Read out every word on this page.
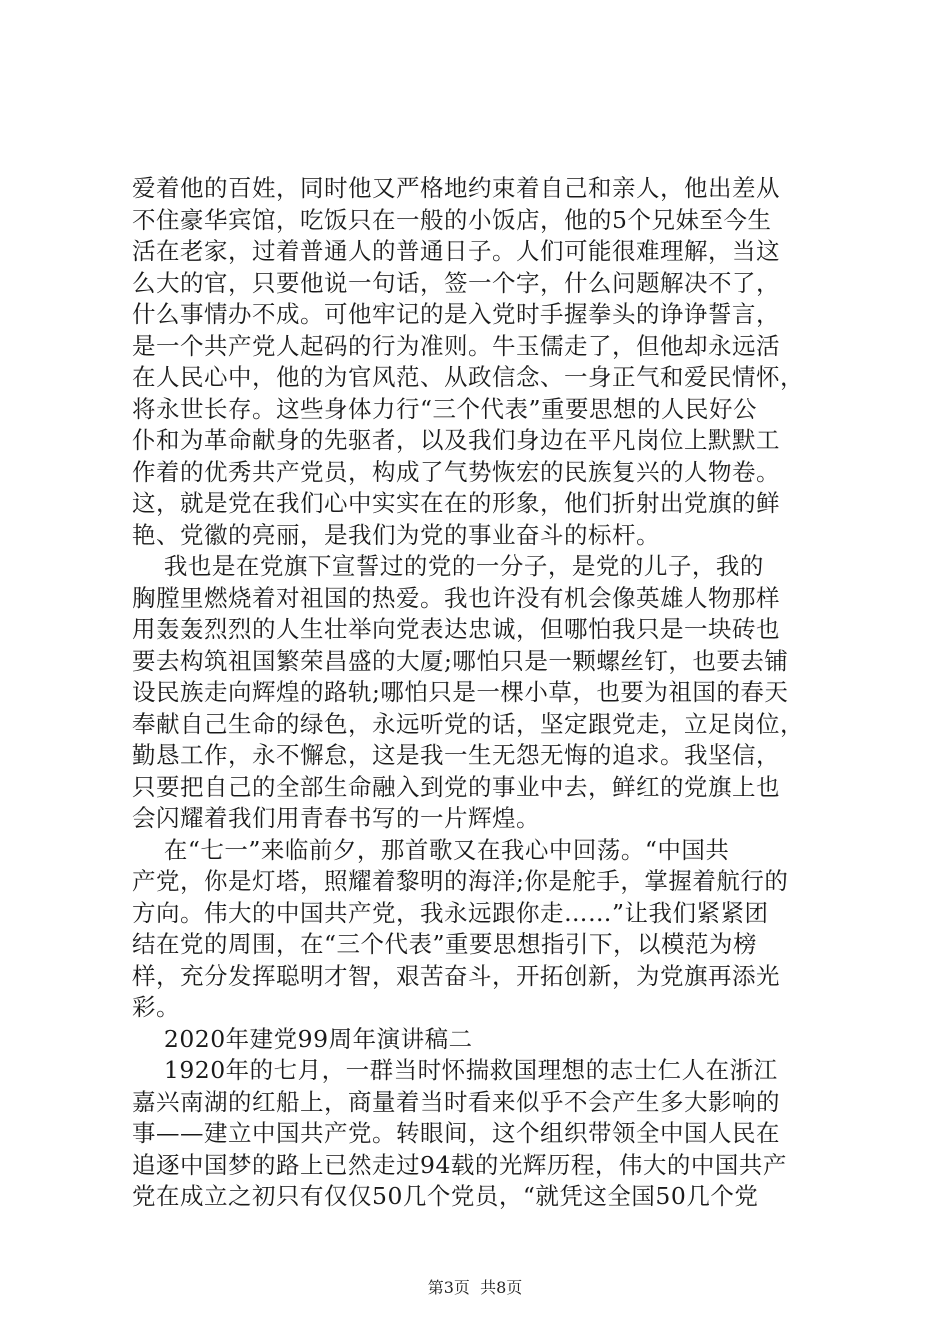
爱着他的百姓，同时他又严格地约束着自己和亲人，他出差从
不住豪华宾馆，吃饭只在一般的小饭店，他的5个兄妹至今生
活在老家，过着普通人的普通日子。人们可能很难理解，当这
么大的官，只要他说一句话，签一个字，什么问题解决不了，
什么事情办不成。可他牢记的是入党时手握拳头的诤诤誓言，
是一个共产党人起码的行为准则。牛玉儒走了，但他却永远活
在人民心中，他的为官风范、从政信念、一身正气和爱民情怀，
将永世长存。这些身体力行“三个代表”重要思想的人民好公
仆和为革命献身的先驱者，以及我们身边在平凡岗位上默默工
作着的优秀共产党员，构成了气势恢宏的民族复兴的人物卷。
这，就是党在我们心中实实在在的形象，他们折射出党旗的鲜
艳、党徽的亮丽，是我们为党的事业奋斗的标杆。
我也是在党旗下宣誓过的党的一分子，是党的儿子，我的
胸膛里燃烧着对祖国的热爱。我也许没有机会像英雄人物那样
用轰轰烈烈的人生壮举向党表达忠诚，但哪怕我只是一块砖也
要去构筑祖国繁荣昌盛的大厦;哪怕只是一颗螺丝钉，也要去铺
设民族走向辉煌的路轨;哪怕只是一棵小草，也要为祖国的春天
奉献自己生命的绿色，永远听党的话，坚定跟党走，立足岗位，
勤恳工作，永不懈怠，这是我一生无怨无悔的追求。我坚信，
只要把自己的全部生命融入到党的事业中去，鲜红的党旗上也
会闪耀着我们用青春书写的一片辉煌。
在“七一”来临前夕，那首歌又在我心中回荡。“中国共
产党，你是灯塔，照耀着黎明的海洋;你是舵手，掌握着航行的
方向。伟大的中国共产党，我永远跟你走……”让我们紧紧团
结在党的周围，在“三个代表”重要思想指引下，以模范为榜
样，充分发挥聪明才智，艰苦奋斗，开拓创新，为党旗再添光
彩。
2020年建党99周年演讲稿二
1920年的七月，一群当时怀揣救国理想的志士仁人在浙江
嘉兴南湖的红船上，商量着当时看来似乎不会产生多大影响的
事——建立中国共产党。转眼间，这个组织带领全中国人民在
追逐中国梦的路上已然走过94载的光辉历程，伟大的中国共产
党在成立之初只有仅仅50几个党员，“就凭这全国50几个党
第3页  共8页
